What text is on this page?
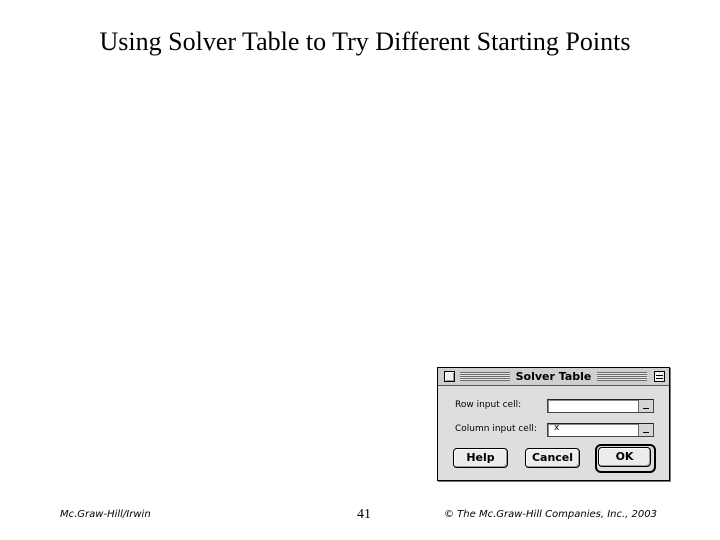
Using Solver Table to Try Different Starting Points
Solver Table
Row input cell:
Column input cell: x
Help	Cancel	OK
Mc.Graw-Hill/Irwin	41	© The Mc.Graw-Hill Companies, Inc., 2003
